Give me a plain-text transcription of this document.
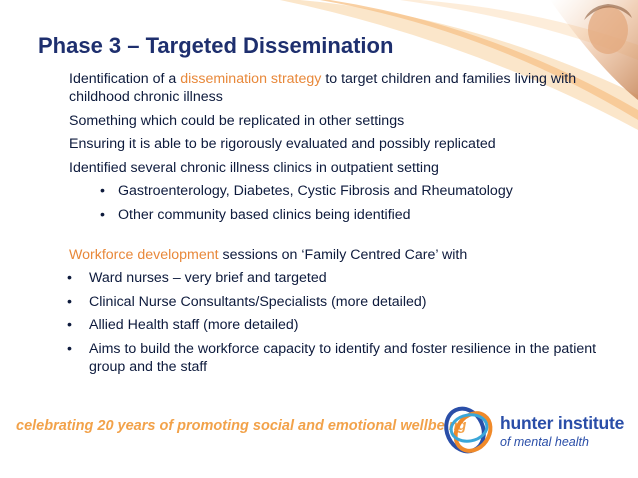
Phase 3 – Targeted Dissemination
Identification of a dissemination strategy to target children and families living with childhood chronic illness
Something which could be replicated in other settings
Ensuring it is able to be rigorously evaluated and possibly replicated
Identified several chronic illness clinics in outpatient setting
• Gastroenterology, Diabetes, Cystic Fibrosis and Rheumatology
• Other community based clinics being identified
Workforce development sessions on ‘Family Centred Care’ with
• Ward nurses – very brief and targeted
• Clinical Nurse Consultants/Specialists (more detailed)
• Allied Health staff (more detailed)
• Aims to build the workforce capacity to identify and foster resilience in the patient group and the staff
celebrating 20 years of promoting social and emotional wellbeing hunter institute
of mental health
